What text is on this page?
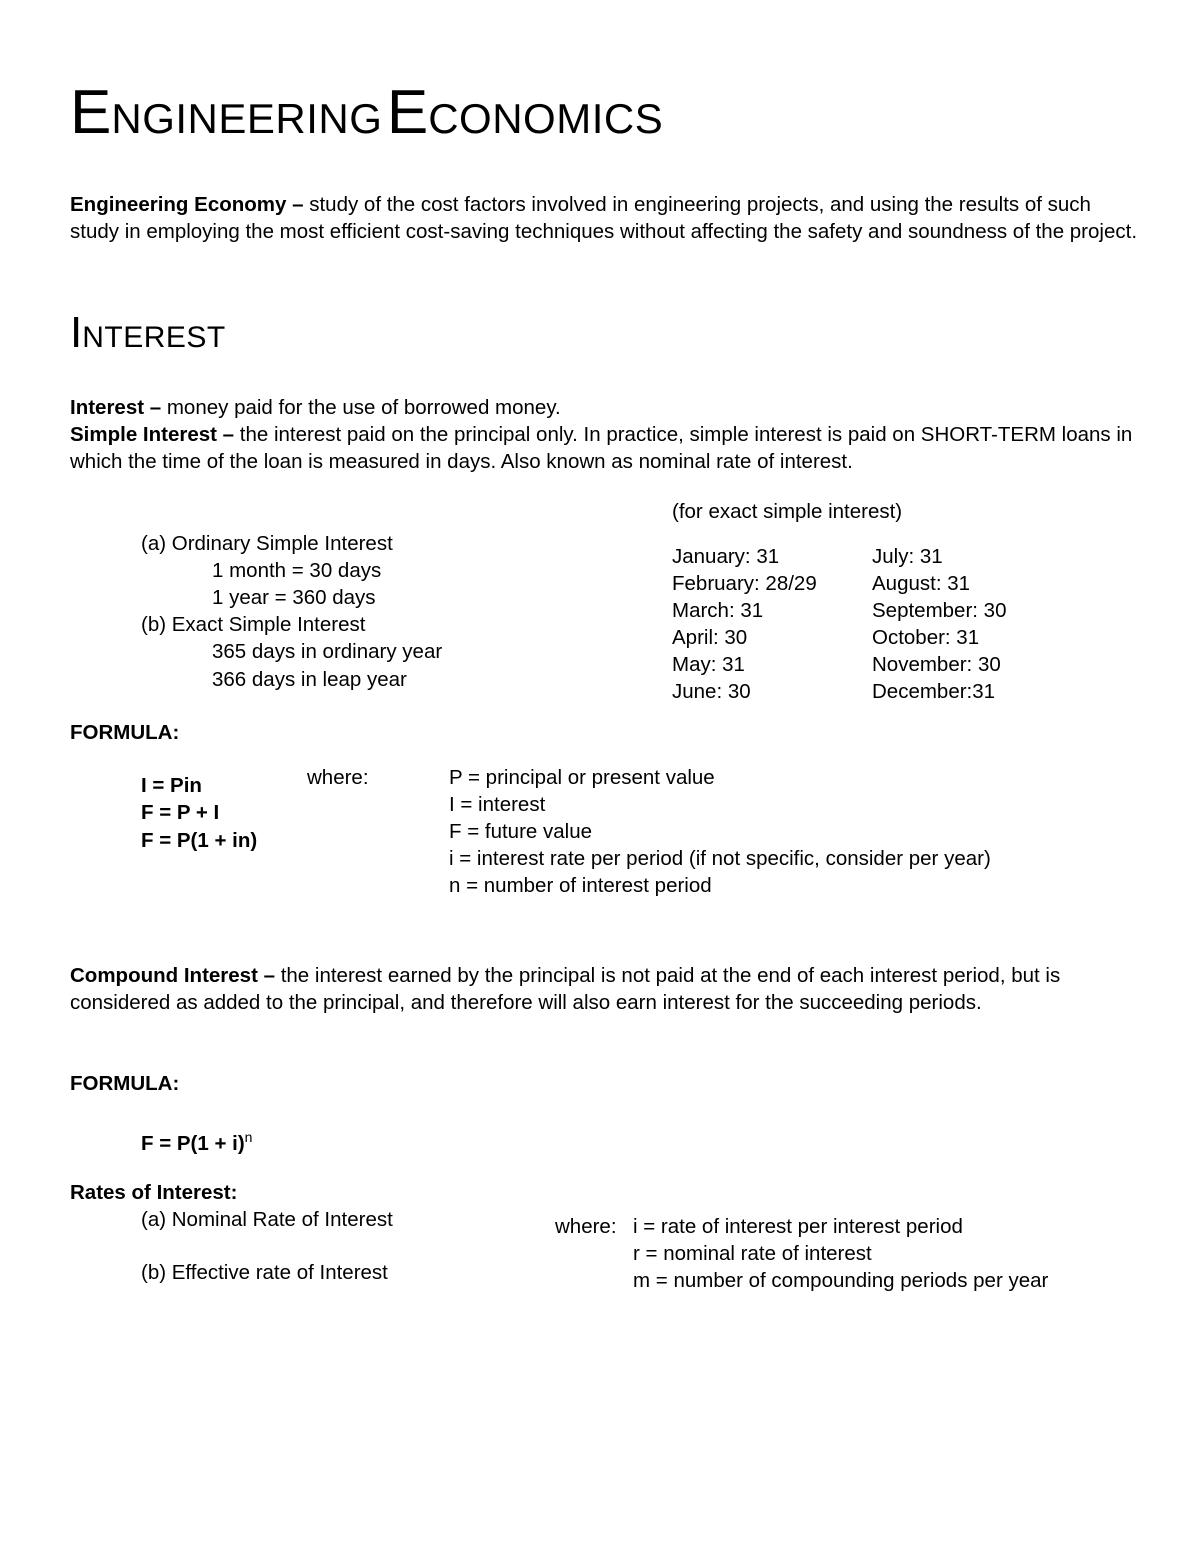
ENGINEERING ECONOMICS
Engineering Economy – study of the cost factors involved in engineering projects, and using the results of such study in employing the most efficient cost-saving techniques without affecting the safety and soundness of the project.
INTEREST
Interest – money paid for the use of borrowed money.
Simple Interest – the interest paid on the principal only. In practice, simple interest is paid on SHORT-TERM loans in which the time of the loan is measured in days. Also known as nominal rate of interest.
(a) Ordinary Simple Interest
1 month = 30 days
1 year = 360 days
(b) Exact Simple Interest
365 days in ordinary year
366 days in leap year
(for exact simple interest)
January: 31
February: 28/29
March: 31
April: 30
May: 31
June: 30
July: 31
August: 31
September: 30
October: 31
November: 30
December:31
FORMULA:
I = Pin
F = P + I
F = P(1 + in)
where:	P = principal or present value
I = interest
F = future value
i = interest rate per period (if not specific, consider per year)
n = number of interest period
Compound Interest – the interest earned by the principal is not paid at the end of each interest period, but is considered as added to the principal, and therefore will also earn interest for the succeeding periods.
FORMULA:
$F = P(1 + i)^n$
Rates of Interest:
(a) Nominal Rate of Interest
(b) Effective rate of Interest
where: i = rate of interest per interest period
r = nominal rate of interest
m = number of compounding periods per year
